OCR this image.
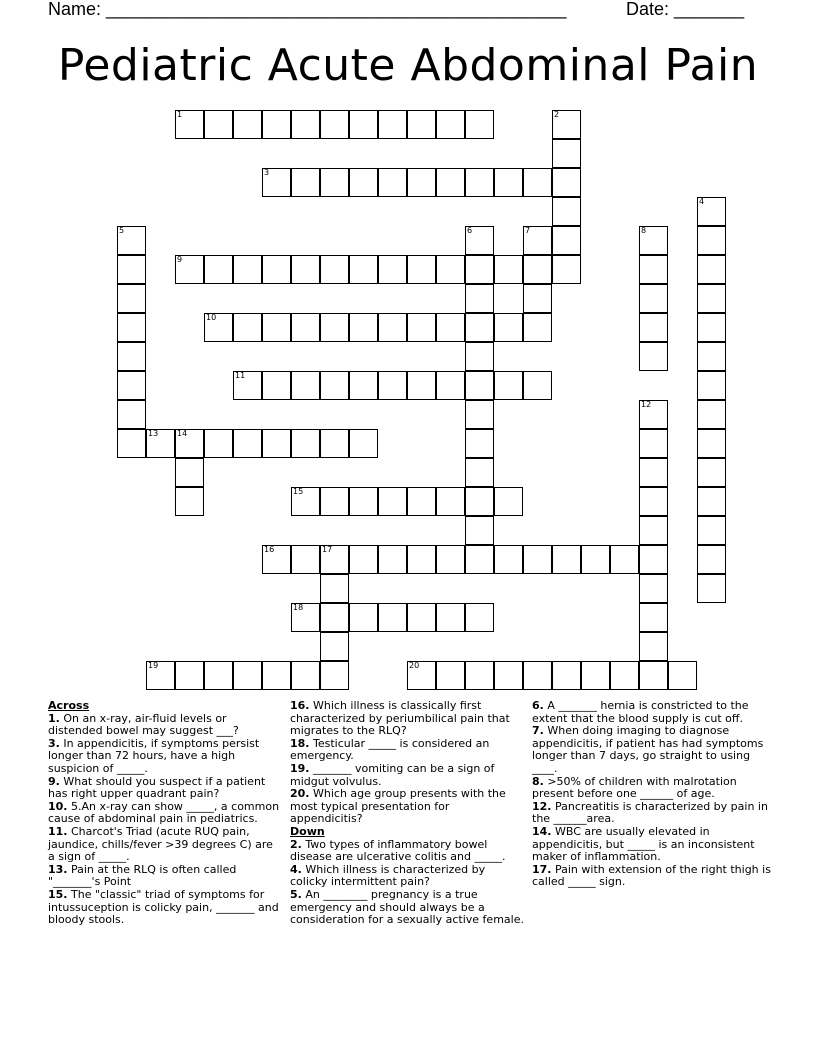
Name: ______________________________________________	Date: _______
Pediatric Acute Abdominal Pain
1	2
3
4
5	6	7	8
9
10
11
12
13 14
15
16	17
18
19	20
Across
1. On an x-ray, air-fluid levels or distended bowel may suggest ___?
3. In appendicitis, if symptoms persist longer than 72 hours, have a high suspicion of _____.
9. What should you suspect if a patient has right upper quadrant pain?
10. 5.An x-ray can show _____, a common cause of abdominal pain in pediatrics.
11. Charcot's Triad (acute RUQ pain, jaundice, chills/fever >39 degrees C) are a sign of _____.
13. Pain at the RLQ is often called "_______'s Point
15. The "classic" triad of symptoms for intussuception is colicky pain, _______ and bloody stools.
16. Which illness is classically first characterized by periumbilical pain that migrates to the RLQ?
18. Testicular _____ is considered an emergency.
19. _______ vomiting can be a sign of midgut volvulus.
20. Which age group presents with the most typical presentation for appendicitis?
Down
2. Two types of inflammatory bowel disease are ulcerative colitis and _____.
4. Which illness is characterized by colicky intermittent pain?
5. An ________ pregnancy is a true emergency and should always be a consideration for a sexually active female.
6. A _______ hernia is constricted to the extent that the blood supply is cut off.
7. When doing imaging to diagnose appendicitis, if patient has had symptoms longer than 7 days, go straight to using ____.
8. >50% of children with malrotation present before one ______ of age.
12. Pancreatitis is characterized by pain in the ______area.
14. WBC are usually elevated in appendicitis, but _____ is an inconsistent maker of inflammation.
17. Pain with extension of the right thigh is called _____ sign.
